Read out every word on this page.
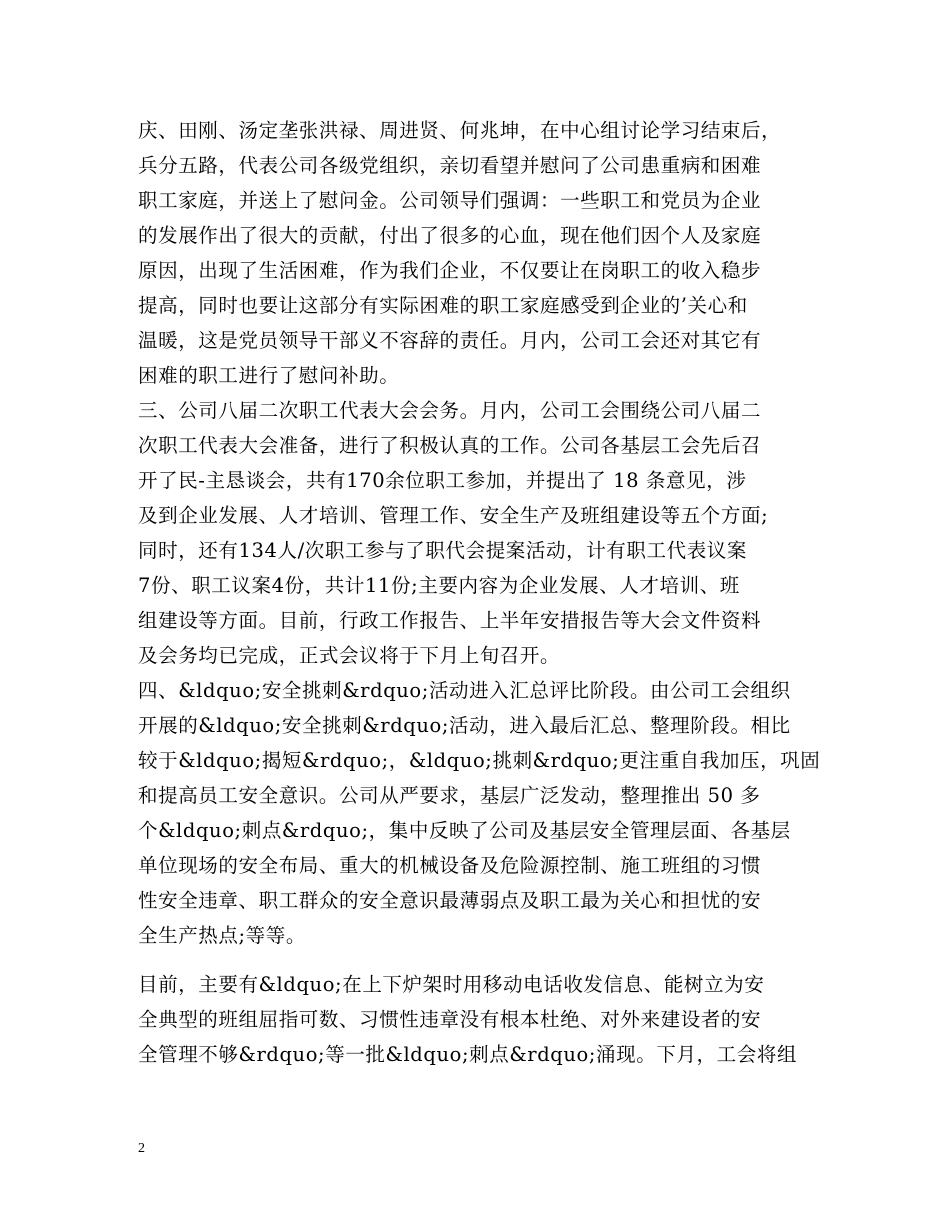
庆、田刚、汤定垄张洪禄、周进贤、何兆坤，在中心组讨论学习结束后，
兵分五路，代表公司各级党组织，亲切看望并慰问了公司患重病和困难
职工家庭，并送上了慰问金。公司领导们强调：一些职工和党员为企业
的发展作出了很大的贡献，付出了很多的心血，现在他们因个人及家庭
原因，出现了生活困难，作为我们企业，不仅要让在岗职工的收入稳步
提高，同时也要让这部分有实际困难的职工家庭感受到企业的’关心和
温暖，这是党员领导干部义不容辞的责任。月内，公司工会还对其它有
困难的职工进行了慰问补助。
三、公司八届二次职工代表大会会务。月内，公司工会围绕公司八届二
次职工代表大会准备，进行了积极认真的工作。公司各基层工会先后召
开了民-主恳谈会，共有170余位职工参加，并提出了 18 条意见，涉
及到企业发展、人才培训、管理工作、安全生产及班组建设等五个方面;
同时，还有134人/次职工参与了职代会提案活动，计有职工代表议案
7份、职工议案4份，共计11份;主要内容为企业发展、人才培训、班
组建设等方面。目前，行政工作报告、上半年安措报告等大会文件资料
及会务均已完成，正式会议将于下月上旬召开。
四、&ldquo;安全挑刺&rdquo;活动进入汇总评比阶段。由公司工会组织
开展的&ldquo;安全挑刺&rdquo;活动，进入最后汇总、整理阶段。相比
较于&ldquo;揭短&rdquo;，&ldquo;挑刺&rdquo;更注重自我加压，巩固
和提高员工安全意识。公司从严要求，基层广泛发动，整理推出 50 多
个&ldquo;刺点&rdquo;，集中反映了公司及基层安全管理层面、各基层
单位现场的安全布局、重大的机械设备及危险源控制、施工班组的习惯
性安全违章、职工群众的安全意识最薄弱点及职工最为关心和担忧的安
全生产热点;等等。
目前，主要有&ldquo;在上下炉架时用移动电话收发信息、能树立为安
全典型的班组屈指可数、习惯性违章没有根本杜绝、对外来建设者的安
全管理不够&rdquo;等一批&ldquo;刺点&rdquo;涌现。下月，工会将组
2
